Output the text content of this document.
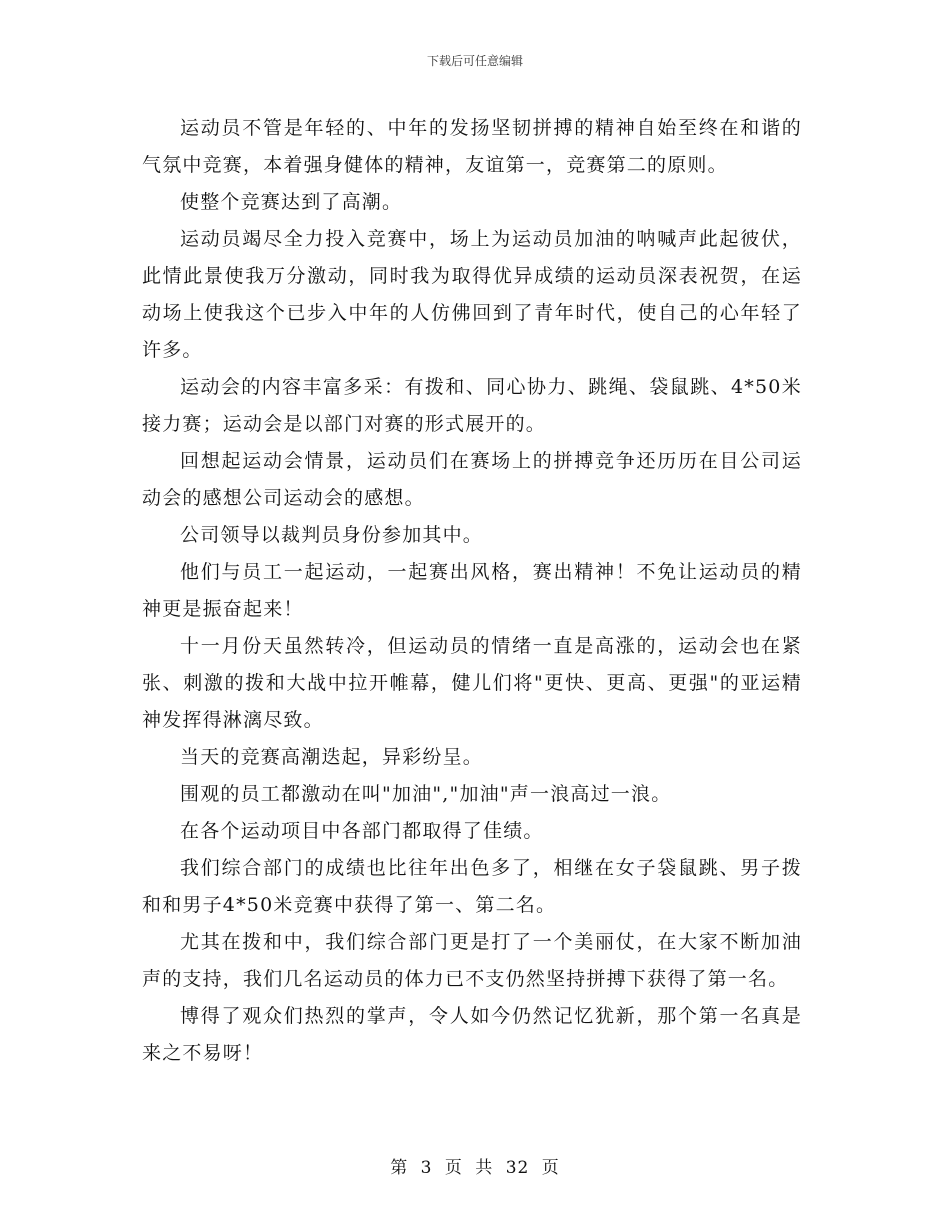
下载后可任意编辑

运动员不管是年轻的、中年的发扬坚韧拼搏的精神自始至终在和谐的气氛中竞赛，本着强身健体的精神，友谊第一，竞赛第二的原则。

使整个竞赛达到了高潮。

运动员竭尽全力投入竞赛中，场上为运动员加油的呐喊声此起彼伏，此情此景使我万分激动，同时我为取得优异成绩的运动员深表祝贺，在运动场上使我这个已步入中年的人仿佛回到了青年时代，使自己的心年轻了许多。

运动会的内容丰富多采：有拨和、同心协力、跳绳、袋鼠跳、4*50米接力赛；运动会是以部门对赛的形式展开的。

回想起运动会情景，运动员们在赛场上的拼搏竞争还历历在目公司运动会的感想公司运动会的感想。

公司领导以裁判员身份参加其中。

他们与员工一起运动，一起赛出风格，赛出精神！不免让运动员的精神更是振奋起来！

十一月份天虽然转冷，但运动员的情绪一直是高涨的，运动会也在紧张、刺激的拨和大战中拉开帷幕，健儿们将"更快、更高、更强"的亚运精神发挥得淋漓尽致。

当天的竞赛高潮迭起，异彩纷呈。

围观的员工都激动在叫"加油","加油"声一浪高过一浪。

在各个运动项目中各部门都取得了佳绩。

我们综合部门的成绩也比往年出色多了，相继在女子袋鼠跳、男子拨和和男子4*50米竞赛中获得了第一、第二名。

尤其在拨和中，我们综合部门更是打了一个美丽仗，在大家不断加油声的支持，我们几名运动员的体力已不支仍然坚持拼搏下获得了第一名。

博得了观众们热烈的掌声，令人如今仍然记忆犹新，那个第一名真是来之不易呀！

第 3 页 共 32 页
